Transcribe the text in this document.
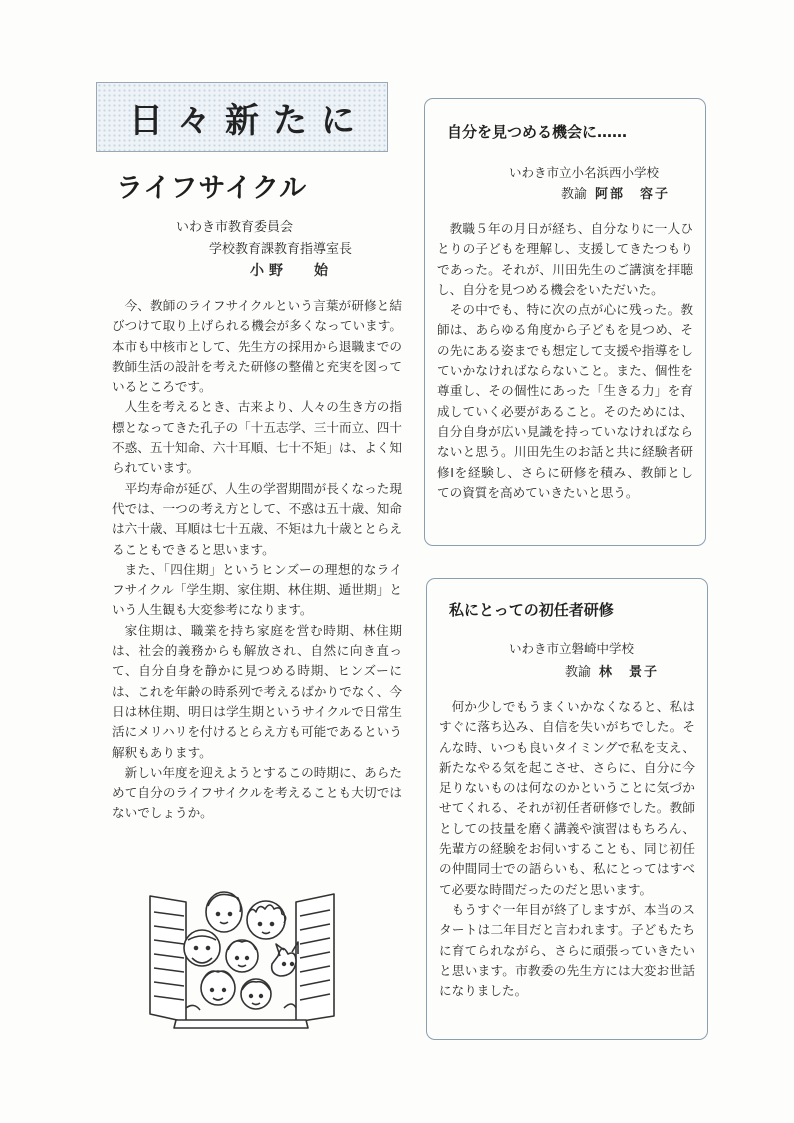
日々新たに
ライフサイクル
いわき市教育委員会
学校教育課教育指導室長
小野 始

今、教師のライフサイクルという言葉が研修と結びつけて取り上げられる機会が多くなっています。本市も中核市として、先生方の採用から退職までの教師生活の設計を考えた研修の整備と充実を図っているところです。

人生を考えるとき、古来より、人々の生き方の指標となってきた孔子の「十五志学、三十而立、四十不惑、五十知命、六十耳順、七十不矩」は、よく知られています。

平均寿命が延び、人生の学習期間が長くなった現代では、一つの考え方として、不惑は五十歳、知命は六十歳、耳順は七十五歳、不矩は九十歳ととらえることもできると思います。

また、「四住期」というヒンズーの理想的なライフサイクル「学生期、家住期、林住期、遁世期」という人生観も大変参考になります。

家住期は、職業を持ち家庭を営む時期、林住期は、社会的義務からも解放され、自然に向き直って、自分自身を静かに見つめる時期、ヒンズーには、これを年齢の時系列で考えるばかりでなく、今日は林住期、明日は学生期というサイクルで日常生活にメリハリを付けるとらえ方も可能であるという解釈もあります。

新しい年度を迎えようとするこの時期に、あらためて自分のライフサイクルを考えることも大切ではないでしょうか。

自分を見つめる機会に……
いわき市立小名浜西小学校
教諭 阿部　容子

教職５年の月日が経ち、自分なりに一人ひとりの子どもを理解し、支援してきたつもりであった。それが、川田先生のご講演を拝聴し、自分を見つめる機会をいただいた。

その中でも、特に次の点が心に残った。教師は、あらゆる角度から子どもを見つめ、その先にある姿までも想定して支援や指導をしていかなければならないこと。また、個性を尊重し、その個性にあった「生きる力」を育成していく必要があること。そのためには、自分自身が広い見識を持っていなければならないと思う。川田先生のお話と共に経験者研修Ⅰを経験し、さらに研修を積み、教師としての資質を高めていきたいと思う。

私にとっての初任者研修
いわき市立磐崎中学校
教諭 林　景子

何か少しでもうまくいかなくなると、私はすぐに落ち込み、自信を失いがちでした。そんな時、いつも良いタイミングで私を支え、新たなやる気を起こさせ、さらに、自分に今足りないものは何なのかということに気づかせてくれる、それが初任者研修でした。教師としての技量を磨く講義や演習はもちろん、先輩方の経験をお伺いすることも、同じ初任の仲間同士での語らいも、私にとってはすべて必要な時間だったのだと思います。

もうすぐ一年目が終了しますが、本当のスタートは二年目だと言われます。子どもたちに育てられながら、さらに頑張っていきたいと思います。市教委の先生方には大変お世話になりました。
